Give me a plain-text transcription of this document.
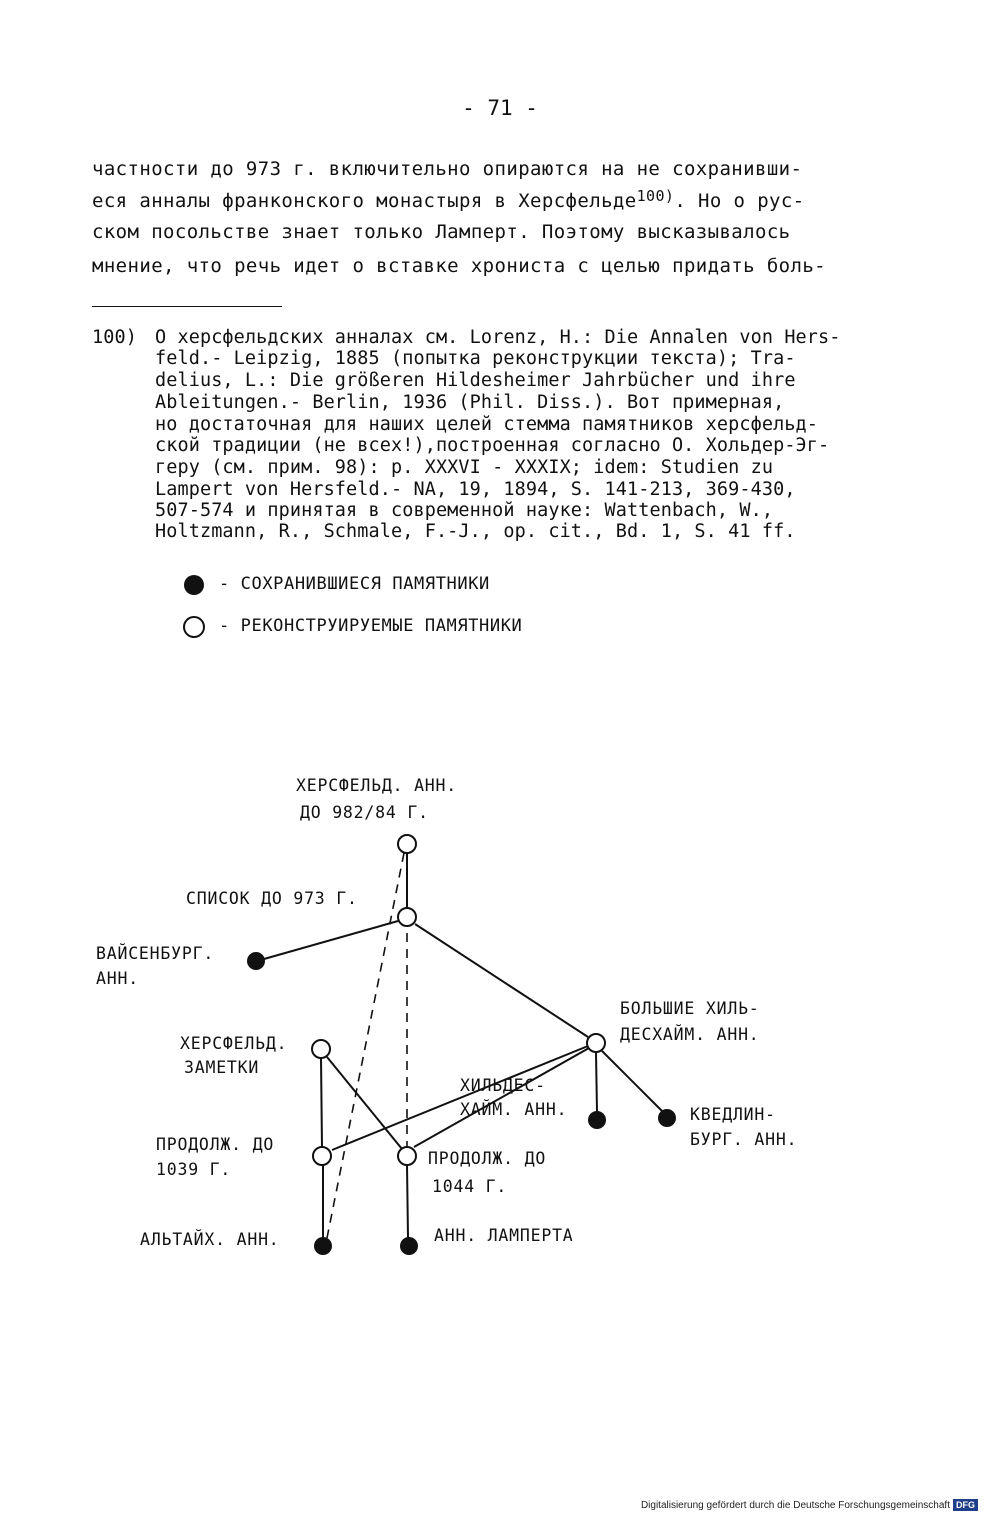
- 71 -
частности до 973 г. включительно опираются на не сохранивши-
еся анналы франконского монастыря в Херсфельде$^{100)}$. Но о рус-
ском посольстве знает только Ламперт. Поэтому высказывалось
мнение, что речь идет о вставке хрониста с целью придать боль-
100) О херсфельдских анналах см. Lorenz, H.: Die Annalen von Hers-
feld.- Leipzig, 1885 (попытка реконструкции текста); Tra-
delius, L.: Die größeren Hildesheimer Jahrbücher und ihre
Ableitungen.- Berlin, 1936 (Phil. Diss.). Вот примерная,
но достаточная для наших целей стемма памятников херсфельд-
ской традиции (не всех!),построенная согласно О. Хольдер-Эг-
геру (см. прим. 98): р. XXXVI - XXXIX; idem: Studien zu
Lampert von Hersfeld.- NA, 19, 1894, S. 141-213, 369-430,
507-574 и принятая в современной науке: Wattenbach, W.,
Holtzmann, R., Schmale, F.-J., op. cit., Bd. 1, S. 41 ff.
- СОХРАНИВШИЕСЯ ПАМЯТНИКИ
- РЕКОНСТРУИРУЕМЫЕ ПАМЯТНИКИ
ХЕРСФЕЛЬД. АНН.
ДО 982/84 Г.
СПИСОК ДО 973 Г.
ВАЙСЕНБУРГ.
АНН.
БОЛЬШИЕ ХИЛЬ-
ДЕСХАЙМ. АНН.
ХЕРСФЕЛЬД.
ЗАМЕТКИ
ХИЛЬДЕС-
ХАЙМ. АНН.	КВЕДЛИН-
БУРГ. АНН.
ПРОДОЛЖ. ДО
1039 Г.
ПРОДОЛЖ. ДО
1044 Г.
АЛЬТАЙХ. АНН.	АНН. ЛАМПЕРТА
Digitalisierung gefördert durch die Deutsche Forschungsgemeinschaft DFG
